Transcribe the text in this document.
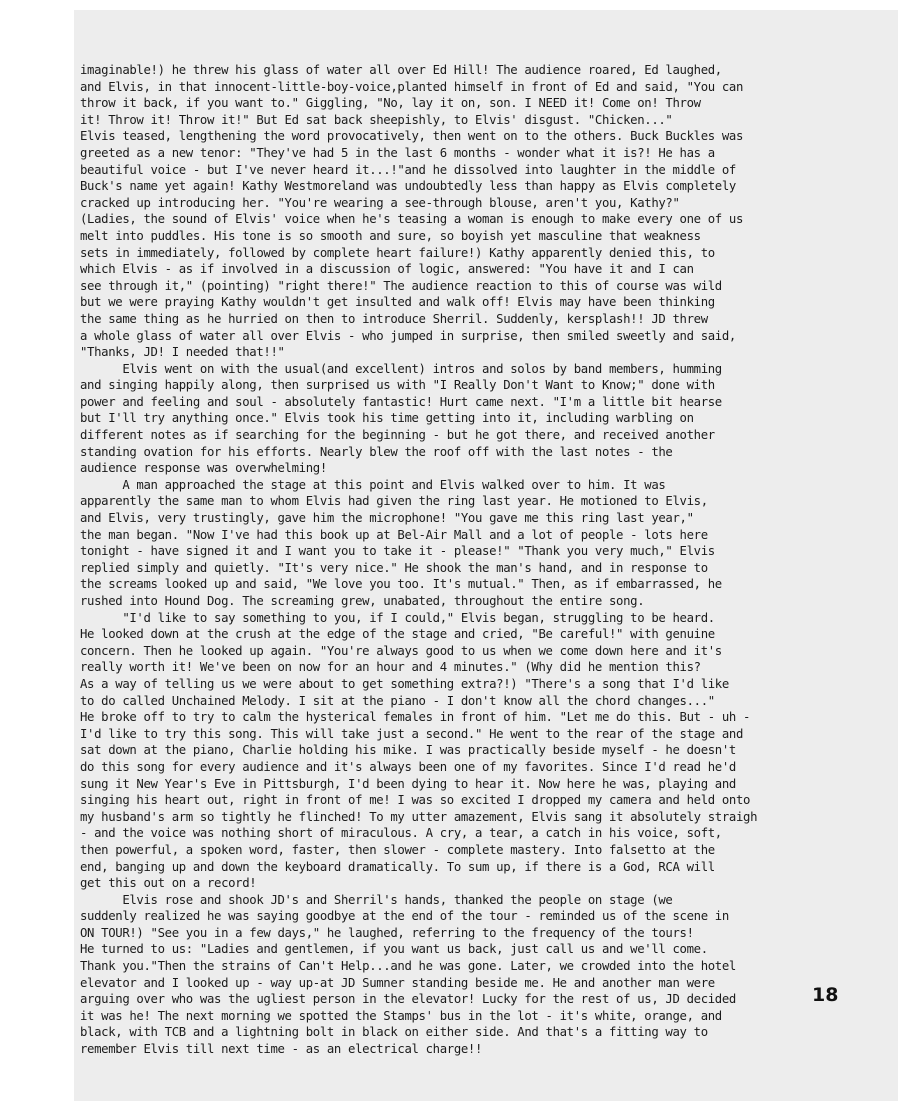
imaginable!) he threw his glass of water all over Ed Hill! The audience roared, Ed laughed,
and Elvis, in that innocent-little-boy-voice,planted himself in front of Ed and said, "You can
throw it back, if you want to." Giggling, "No, lay it on, son. I NEED it! Come on! Throw
it! Throw it! Throw it!" But Ed sat back sheepishly, to Elvis' disgust. "Chicken..."
Elvis teased, lengthening the word provocatively, then went on to the others. Buck Buckles was
greeted as a new tenor: "They've had 5 in the last 6 months - wonder what it is?! He has a
beautiful voice - but I've never heard it...!"and he dissolved into laughter in the middle of
Buck's name yet again! Kathy Westmoreland was undoubtedly less than happy as Elvis completely
cracked up introducing her. "You're wearing a see-through blouse, aren't you, Kathy?"
(Ladies, the sound of Elvis' voice when he's teasing a woman is enough to make every one of us
melt into puddles. His tone is so smooth and sure, so boyish yet masculine that weakness
sets in immediately, followed by complete heart failure!) Kathy apparently denied this, to
which Elvis - as if involved in a discussion of logic, answered: "You have it and I can
see through it," (pointing) "right there!" The audience reaction to this of course was wild
but we were praying Kathy wouldn't get insulted and walk off! Elvis may have been thinking
the same thing as he hurried on then to introduce Sherril. Suddenly, kersplash!! JD threw
a whole glass of water all over Elvis - who jumped in surprise, then smiled sweetly and said,
"Thanks, JD! I needed that!!"
Elvis went on with the usual(and excellent) intros and solos by band members, humming
and singing happily along, then surprised us with "I Really Don't Want to Know;" done with
power and feeling and soul - absolutely fantastic! Hurt came next. "I'm a little bit hearse
but I'll try anything once." Elvis took his time getting into it, including warbling on
different notes as if searching for the beginning - but he got there, and received another
standing ovation for his efforts. Nearly blew the roof off with the last notes - the
audience response was overwhelming!
A man approached the stage at this point and Elvis walked over to him. It was
apparently the same man to whom Elvis had given the ring last year. He motioned to Elvis,
and Elvis, very trustingly, gave him the microphone! "You gave me this ring last year,"
the man began. "Now I've had this book up at Bel-Air Mall and a lot of people - lots here
tonight - have signed it and I want you to take it - please!" "Thank you very much," Elvis
replied simply and quietly. "It's very nice." He shook the man's hand, and in response to
the screams looked up and said, "We love you too. It's mutual." Then, as if embarrassed, he
rushed into Hound Dog. The screaming grew, unabated, throughout the entire song.
"I'd like to say something to you, if I could," Elvis began, struggling to be heard.
He looked down at the crush at the edge of the stage and cried, "Be careful!" with genuine
concern. Then he looked up again. "You're always good to us when we come down here and it's
really worth it! We've been on now for an hour and 4 minutes." (Why did he mention this?
As a way of telling us we were about to get something extra?!) "There's a song that I'd like
to do called Unchained Melody. I sit at the piano - I don't know all the chord changes..."
He broke off to try to calm the hysterical females in front of him. "Let me do this. But - uh -
I'd like to try this song. This will take just a second." He went to the rear of the stage and
sat down at the piano, Charlie holding his mike. I was practically beside myself - he doesn't
do this song for every audience and it's always been one of my favorites. Since I'd read he'd
sung it New Year's Eve in Pittsburgh, I'd been dying to hear it. Now here he was, playing and
singing his heart out, right in front of me! I was so excited I dropped my camera and held onto
my husband's arm so tightly he flinched! To my utter amazement, Elvis sang it absolutely straigh
- and the voice was nothing short of miraculous. A cry, a tear, a catch in his voice, soft,
then powerful, a spoken word, faster, then slower - complete mastery. Into falsetto at the
end, banging up and down the keyboard dramatically. To sum up, if there is a God, RCA will
get this out on a record!
Elvis rose and shook JD's and Sherril's hands, thanked the people on stage (we
suddenly realized he was saying goodbye at the end of the tour - reminded us of the scene in
ON TOUR!) "See you in a few days," he laughed, referring to the frequency of the tours!
He turned to us: "Ladies and gentlemen, if you want us back, just call us and we'll come.
Thank you."Then the strains of Can't Help...and he was gone. Later, we crowded into the hotel
elevator and I looked up - way up-at JD Sumner standing beside me. He and another man were
arguing over who was the ugliest person in the elevator! Lucky for the rest of us, JD decided
it was he! The next morning we spotted the Stamps' bus in the lot - it's white, orange, and
black, with TCB and a lightning bolt in black on either side. And that's a fitting way to
remember Elvis till next time - as an electrical charge!!
18
